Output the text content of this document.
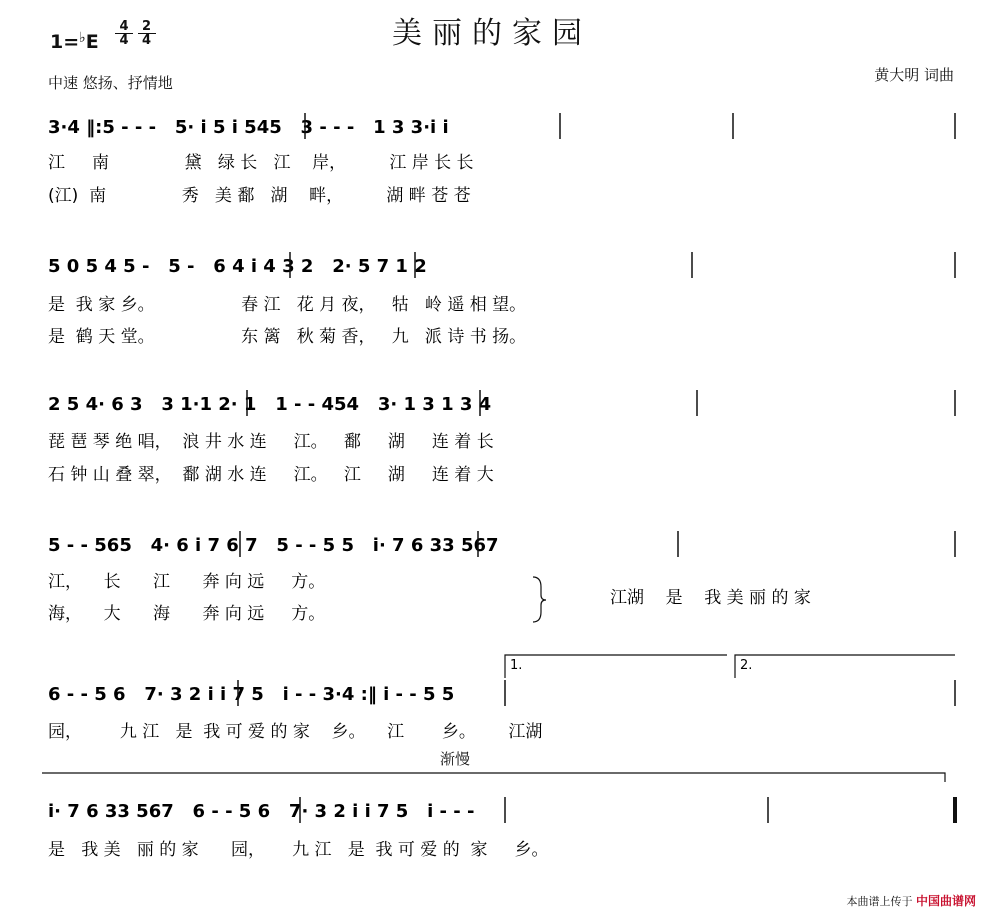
美丽的家园
$1=^♭E \frac{4}{4}$
$\frac{2}{4}$
中速 悠扬、抒情地	黄大明 词曲
渐慢
3·4 ‖:5 - - -   5· i 5 i 545   3 - - -   1 3 3·i i
江     南              黛   绿 长   江    岸，        江 岸 长 长
(江)  南              秀   美 鄱   湖    畔，        湖 畔 苍 苍
5 0 5 4 5 -   5 -   6 4 i 4 3 2   2· 5 7 1 2
是  我 家 乡。                春 江   花 月 夜，   牯   岭 遥 相 望。
是  鹤 天 堂。                东 篱   秋 菊 香，   九   派 诗 书 扬。
2 5 4· 6 3   3 1·1 2· 1   1 - - 454   3· 1 3 1 3 4
琵 琶 琴 绝 唱，  浪 井 水 连     江。   鄱     湖     连 着 长
石 钟 山 叠 翠，  鄱 湖 水 连     江。   江     湖     连 着 大
5 - - 565   4· 6 i 7 6 7   5 - - 5 5   i· 7 6 33 567
江，    长      江      奔 向 远     方。
海，    大      海      奔 向 远     方。
江湖    是    我 美 丽 的 家
6 - - 5 6   7· 3 2 i i 7 5   i - - 3·4 :‖ i - - 5 5
园，       九 江   是  我 可 爱 的 家    乡。    江       乡。      江湖
i· 7 6 33 567   6 - - 5 6   7· 3 2 i i 7 5   i - - -
是   我 美   丽 的 家      园，     九 江   是  我 可 爱 的  家     乡。
1.	2.
本曲谱上传于 中国曲谱网
